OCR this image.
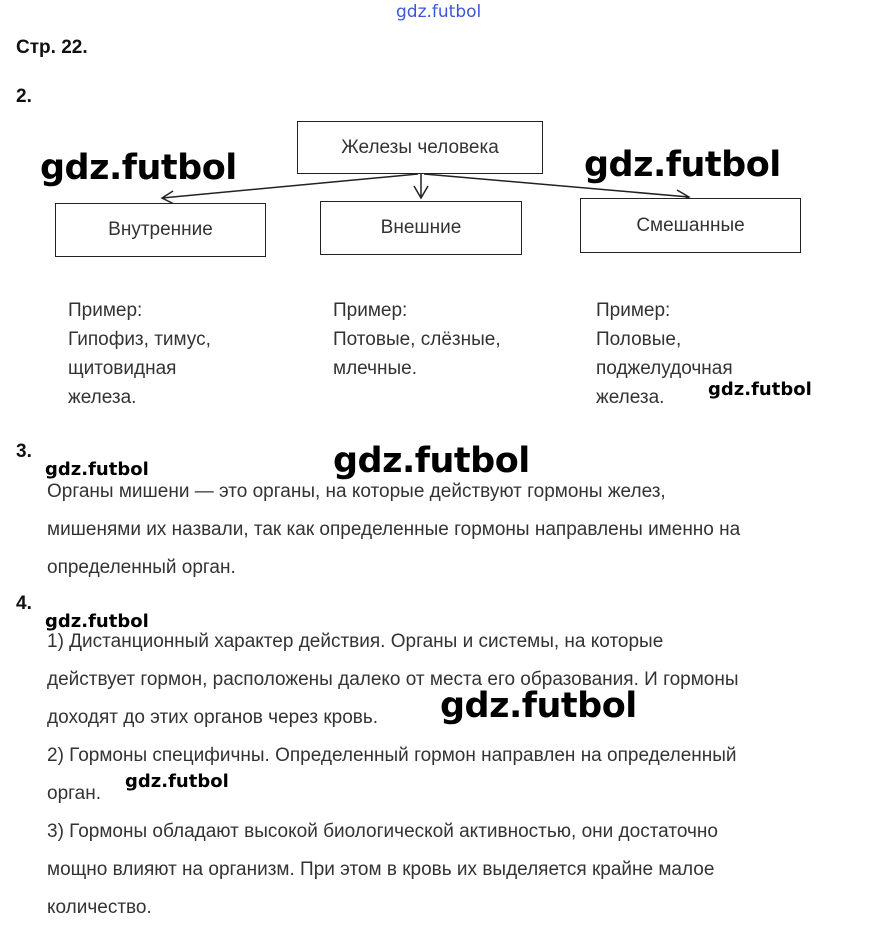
gdz.futbol
Стр. 22.
2.
Железы человека
Внутренние	Внешние	Смешанные
Пример:
Гипофиз, тимус,
щитовидная
железа.
Пример:
Потовые, слёзные,
млечные.
Пример:
Половые,
поджелудочная
железа.
3.
Органы мишени — это органы, на которые действуют гормоны желез,
мишенями их назвали, так как определенные гормоны направлены именно на
определенный орган.
4.
1) Дистанционный характер действия. Органы и системы, на которые
действует гормон, расположены далеко от места его образования. И гормоны
доходят до этих органов через кровь.
2) Гормоны специфичны. Определенный гормон направлен на определенный
орган.
3) Гормоны обладают высокой биологической активностью, они достаточно
мощно влияют на организм. При этом в кровь их выделяется крайне малое
количество.
gdz.futbol	gdz.futbol
gdz.futbol
gdz.futbol	gdz.futbol
gdz.futbol
gdz.futbol
gdz.futbol
